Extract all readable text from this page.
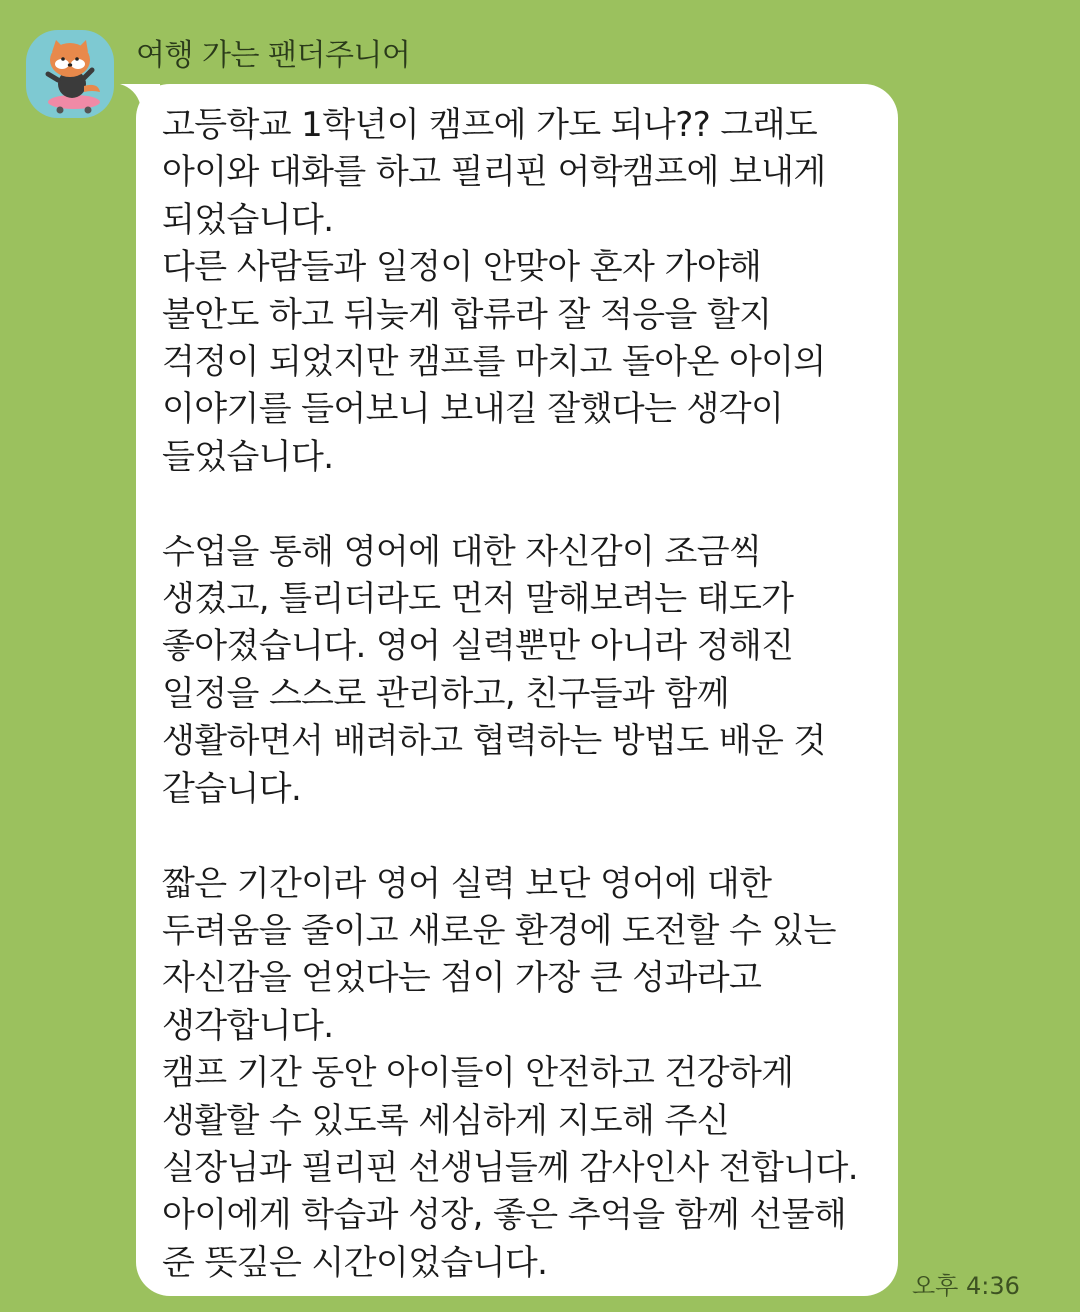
여행 가는 팬더주니어
고등학교 1학년이 캠프에 가도 되나?? 그래도
아이와 대화를 하고 필리핀 어학캠프에 보내게
되었습니다.
다른 사람들과 일정이 안맞아 혼자 가야해
불안도 하고 뒤늦게 합류라 잘 적응을 할지
걱정이 되었지만 캠프를 마치고 돌아온 아이의
이야기를 들어보니 보내길 잘했다는 생각이
들었습니다.

수업을 통해 영어에 대한 자신감이 조금씩
생겼고, 틀리더라도 먼저 말해보려는 태도가
좋아졌습니다. 영어 실력뿐만 아니라 정해진
일정을 스스로 관리하고, 친구들과 함께
생활하면서 배려하고 협력하는 방법도 배운 것
같습니다.

짧은 기간이라 영어 실력 보단 영어에 대한
두려움을 줄이고 새로운 환경에 도전할 수 있는
자신감을 얻었다는 점이 가장 큰 성과라고
생각합니다.
캠프 기간 동안 아이들이 안전하고 건강하게
생활할 수 있도록 세심하게 지도해 주신
실장님과 필리핀 선생님들께 감사인사 전합니다.
아이에게 학습과 성장, 좋은 추억을 함께 선물해
준 뜻깊은 시간이었습니다.
오후 4:36
